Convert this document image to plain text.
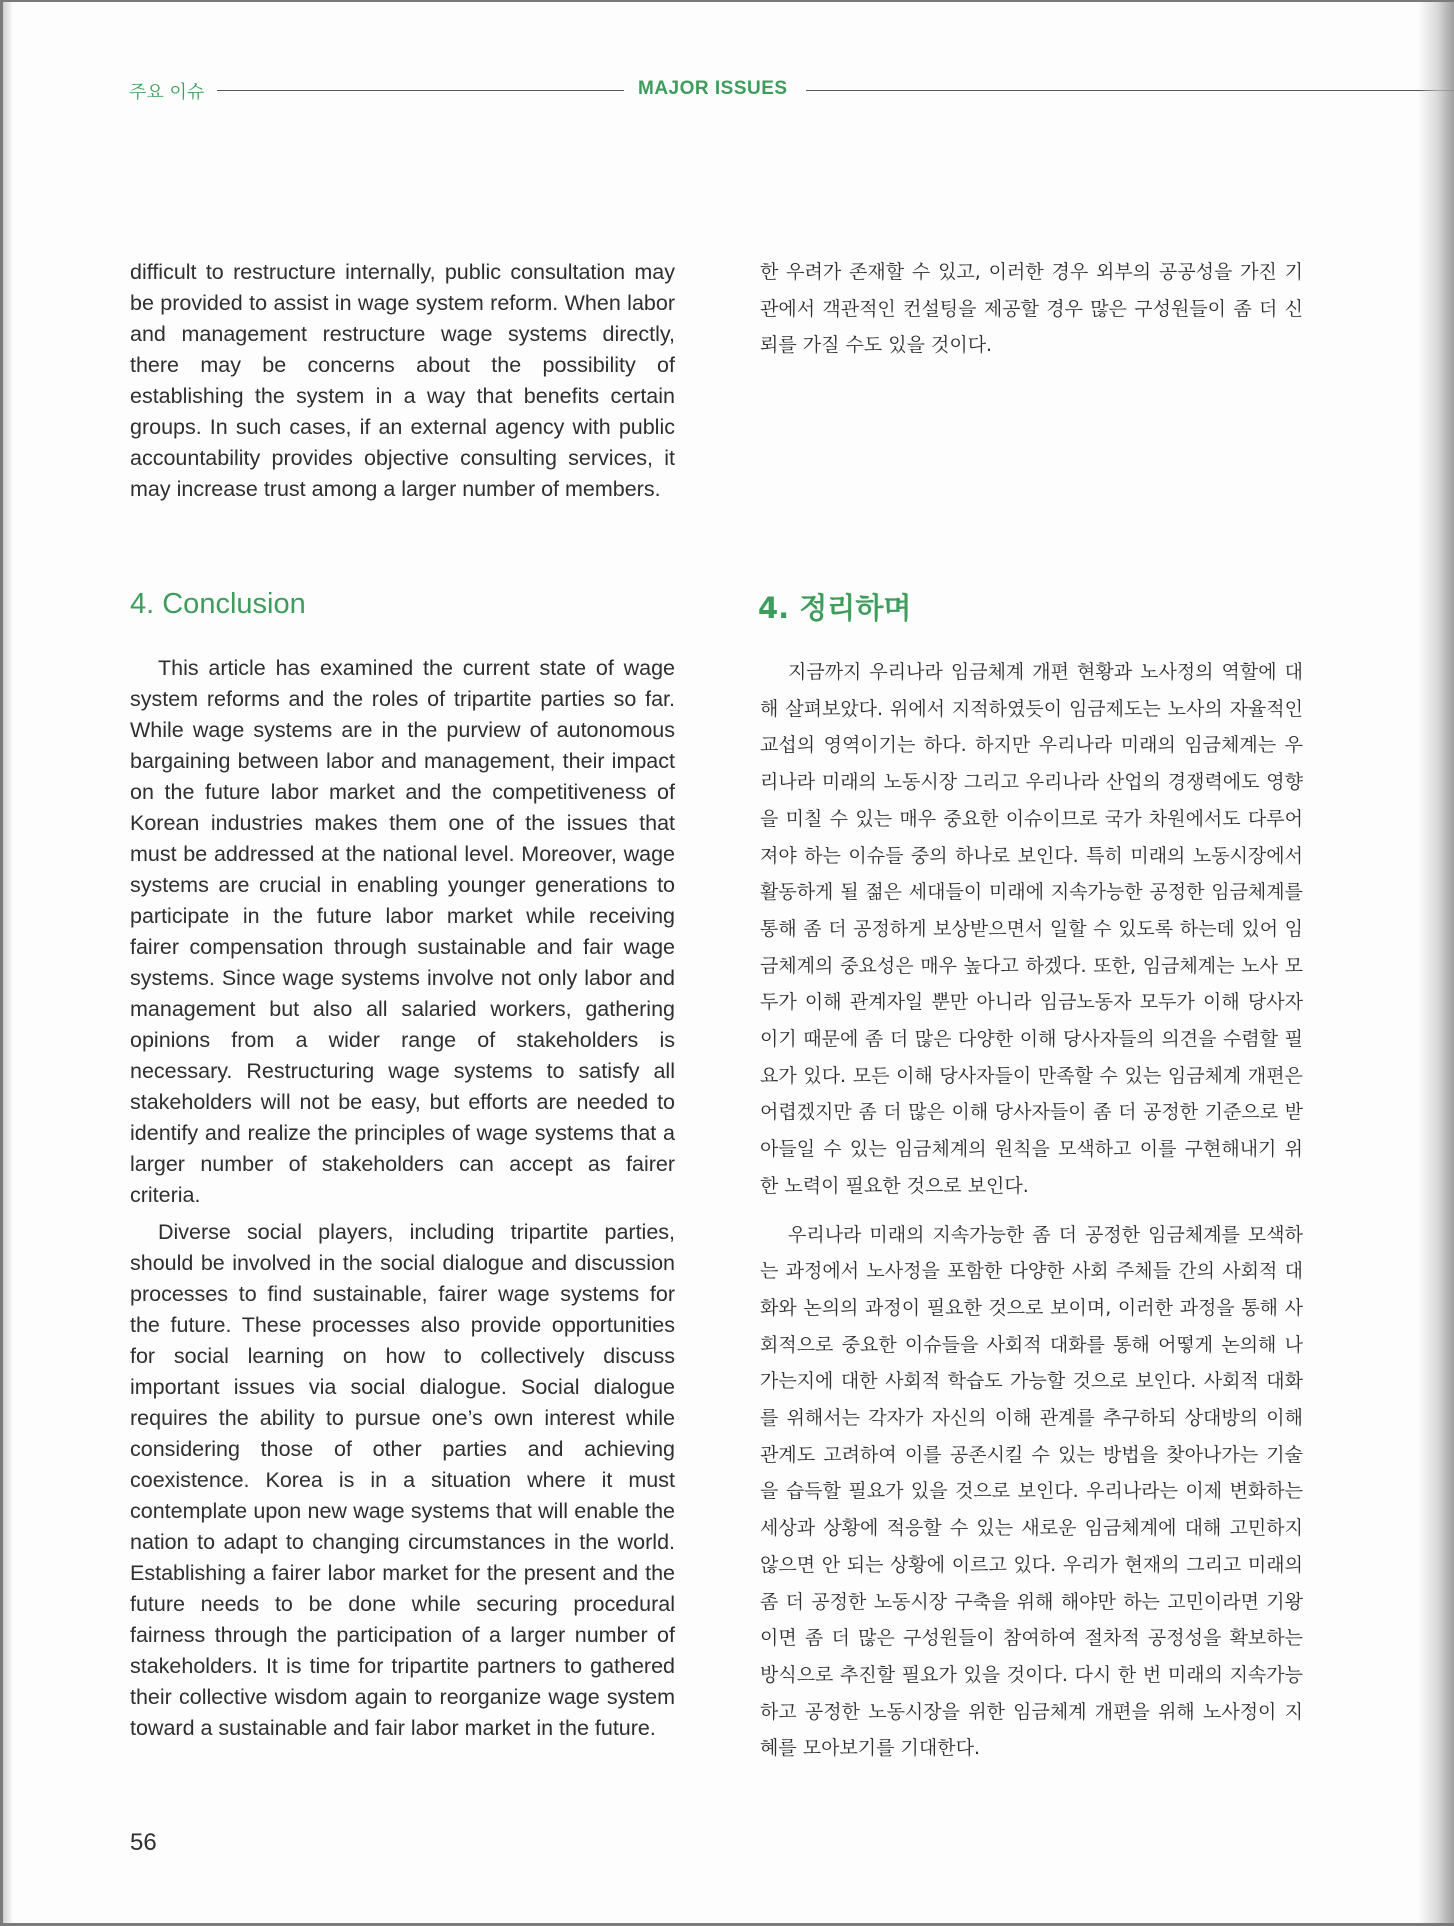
주요 이슈	MAJOR ISSUES

difficult to restructure internally, public consultation may be provided to assist in wage system reform. When labor and management restructure wage systems directly, there may be concerns about the possibility of establishing the system in a way that benefits certain groups. In such cases, if an external agency with public accountability provides objective consulting services, it may increase trust among a larger number of members.

한 우려가 존재할 수 있고, 이러한 경우 외부의 공공성을 가진 기관에서 객관적인 컨설팅을 제공할 경우 많은 구성원들이 좀 더 신뢰를 가질 수도 있을 것이다.

4. Conclusion	4. 정리하며

This article has examined the current state of wage system reforms and the roles of tripartite parties so far. While wage systems are in the purview of autonomous bargaining between labor and management, their impact on the future labor market and the competitiveness of Korean industries makes them one of the issues that must be addressed at the national level. Moreover, wage systems are crucial in enabling younger generations to participate in the future labor market while receiving fairer compensation through sustainable and fair wage systems. Since wage systems involve not only labor and management but also all salaried workers, gathering opinions from a wider range of stakeholders is necessary. Restructuring wage systems to satisfy all stakeholders will not be easy, but efforts are needed to identify and realize the principles of wage systems that a larger number of stakeholders can accept as fairer criteria.

Diverse social players, including tripartite parties, should be involved in the social dialogue and discussion processes to find sustainable, fairer wage systems for the future. These processes also provide opportunities for social learning on how to collectively discuss important issues via social dialogue. Social dialogue requires the ability to pursue one’s own interest while considering those of other parties and achieving coexistence. Korea is in a situation where it must contemplate upon new wage systems that will enable the nation to adapt to changing circumstances in the world. Establishing a fairer labor market for the present and the future needs to be done while securing procedural fairness through the participation of a larger number of stakeholders. It is time for tripartite partners to gathered their collective wisdom again to reorganize wage system toward a sustainable and fair labor market in the future.

지금까지 우리나라 임금체계 개편 현황과 노사정의 역할에 대해 살펴보았다. 위에서 지적하였듯이 임금제도는 노사의 자율적인 교섭의 영역이기는 하다. 하지만 우리나라 미래의 임금체계는 우리나라 미래의 노동시장 그리고 우리나라 산업의 경쟁력에도 영향을 미칠 수 있는 매우 중요한 이슈이므로 국가 차원에서도 다루어져야 하는 이슈들 중의 하나로 보인다. 특히 미래의 노동시장에서 활동하게 될 젊은 세대들이 미래에 지속가능한 공정한 임금체계를 통해 좀 더 공정하게 보상받으면서 일할 수 있도록 하는데 있어 임금체계의 중요성은 매우 높다고 하겠다. 또한, 임금체계는 노사 모두가 이해 관계자일 뿐만 아니라 임금노동자 모두가 이해 당사자이기 때문에 좀 더 많은 다양한 이해 당사자들의 의견을 수렴할 필요가 있다. 모든 이해 당사자들이 만족할 수 있는 임금체계 개편은 어렵겠지만 좀 더 많은 이해 당사자들이 좀 더 공정한 기준으로 받아들일 수 있는 임금체계의 원칙을 모색하고 이를 구현해내기 위한 노력이 필요한 것으로 보인다.

우리나라 미래의 지속가능한 좀 더 공정한 임금체계를 모색하는 과정에서 노사정을 포함한 다양한 사회 주체들 간의 사회적 대화와 논의의 과정이 필요한 것으로 보이며, 이러한 과정을 통해 사회적으로 중요한 이슈들을 사회적 대화를 통해 어떻게 논의해 나가는지에 대한 사회적 학습도 가능할 것으로 보인다. 사회적 대화를 위해서는 각자가 자신의 이해 관계를 추구하되 상대방의 이해관계도 고려하여 이를 공존시킬 수 있는 방법을 찾아나가는 기술을 습득할 필요가 있을 것으로 보인다. 우리나라는 이제 변화하는 세상과 상황에 적응할 수 있는 새로운 임금체계에 대해 고민하지 않으면 안 되는 상황에 이르고 있다. 우리가 현재의 그리고 미래의 좀 더 공정한 노동시장 구축을 위해 해야만 하는 고민이라면 기왕이면 좀 더 많은 구성원들이 참여하여 절차적 공정성을 확보하는 방식으로 추진할 필요가 있을 것이다. 다시 한 번 미래의 지속가능하고 공정한 노동시장을 위한 임금체계 개편을 위해 노사정이 지혜를 모아보기를 기대한다.

56
